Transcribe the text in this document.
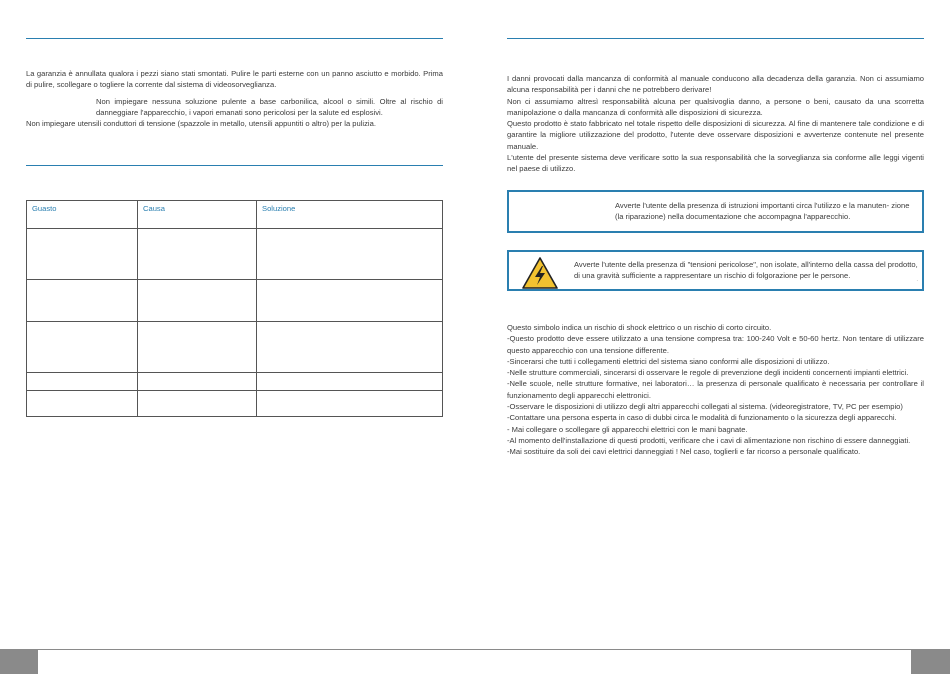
La garanzia è annullata qualora i pezzi siano stati smontati. Pulire le parti esterne con un panno asciutto e morbido. Prima di pulire, scollegare o togliere la corrente dal sistema di videosorveglianza.

Non impiegare nessuna soluzione pulente a base carbonilica, alcool o simili. Oltre al rischio di danneggiare l'apparecchio, i vapori emanati sono pericolosi per la salute ed esplosivi.

Non impiegare utensili conduttori di tensione (spazzole in metallo, utensili appuntiti o altro) per la pulizia.

Guasto	Causa	Soluzione

I danni provocati dalla mancanza di conformità al manuale conducono alla decadenza della garanzia. Non ci assumiamo alcuna responsabilità per i danni che ne potrebbero derivare!

Non ci assumiamo altresì responsabilità alcuna per qualsivoglia danno, a persone o beni, causato da una scorretta manipolazione o dalla mancanza di conformità alle disposizioni di sicurezza.

Questo prodotto è stato fabbricato nel totale rispetto delle disposizioni di sicurezza. Al fine di mantenere tale condizione e di garantire la migliore utilizzazione del prodotto, l'utente deve osservare disposizioni e avvertenze contenute nel presente manuale.

L'utente del presente sistema deve verificare sotto la sua responsabilità che la sorveglianza sia conforme alle leggi vigenti nel paese di utilizzo.

Avverte l'utente della presenza di istruzioni importanti circa l'utilizzo e la manuten- zione (la riparazione) nella documentazione che accompagna l'apparecchio.
Avverte l'utente della presenza di "tensioni pericolose", non isolate, all'interno della cassa del prodotto, di una gravità sufficiente a rappresentare un rischio di folgorazione per le persone.
·

Questo simbolo indica un rischio di shock elettrico o un rischio di corto circuito.

-Questo prodotto deve essere utilizzato a una tensione compresa tra: 100-240 Volt e 50-60 hertz. Non tentare di utilizzare questo apparecchio con una tensione differente.

-Sincerarsi che tutti i collegamenti elettrici del sistema siano conformi alle disposizioni di utilizzo.

-Nelle strutture commerciali, sincerarsi di osservare le regole di prevenzione degli incidenti concernenti impianti elettrici.

-Nelle scuole, nelle strutture formative, nei laboratori… la presenza di personale qualificato è necessaria per controllare il funzionamento degli apparecchi elettronici.

-Osservare le disposizioni di utilizzo degli altri apparecchi collegati al sistema. (videoregistratore, TV, PC per esempio)

-Contattare una persona esperta in caso di dubbi circa le modalità di funzionamento o la sicurezza degli apparecchi.

- Mai collegare o scollegare gli apparecchi elettrici con le mani bagnate.

-Al momento dell'installazione di questi prodotti, verificare che i cavi di alimentazione non rischino di essere danneggiati.

-Mai sostituire da soli dei cavi elettrici danneggiati ! Nel caso, toglierli e far ricorso a personale qualificato.
